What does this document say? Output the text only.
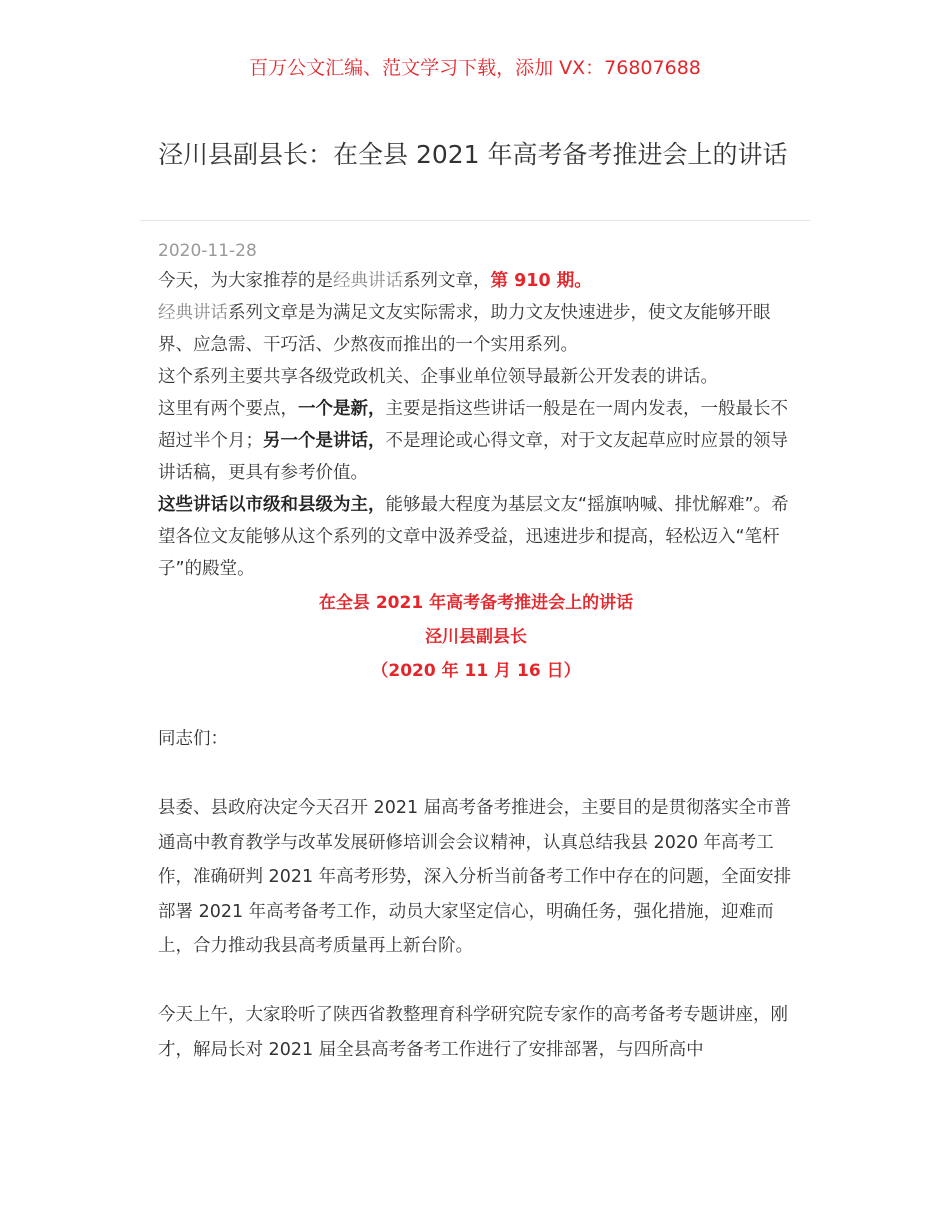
百万公文汇编、范文学习下载，添加 VX：76807688
泾川县副县长：在全县 2021 年高考备考推进会上的讲话
2020-11-28

今天，为大家推荐的是经典讲话系列文章，第 910 期。

经典讲话系列文章是为满足文友实际需求，助力文友快速进步，使文友能够开眼界、应急需、干巧活、少熬夜而推出的一个实用系列。

这个系列主要共享各级党政机关、企事业单位领导最新公开发表的讲话。

这里有两个要点，一个是新，主要是指这些讲话一般是在一周内发表，一般最长不超过半个月；另一个是讲话，不是理论或心得文章，对于文友起草应时应景的领导讲话稿，更具有参考价值。

这些讲话以市级和县级为主，能够最大程度为基层文友“摇旗呐喊、排忧解难”。希望各位文友能够从这个系列的文章中汲养受益，迅速进步和提高，轻松迈入“笔杆子”的殿堂。

在全县 2021 年高考备考推进会上的讲话
泾川县副县长
（2020 年 11 月 16 日）

同志们：

县委、县政府决定今天召开 2021 届高考备考推进会，主要目的是贯彻落实全市普通高中教育教学与改革发展研修培训会会议精神，认真总结我县 2020 年高考工作，准确研判 2021 年高考形势，深入分析当前备考工作中存在的问题，全面安排部署 2021 年高考备考工作，动员大家坚定信心，明确任务，强化措施，迎难而上，合力推动我县高考质量再上新台阶。

今天上午，大家聆听了陕西省教整理育科学研究院专家作的高考备考专题讲座，刚才，解局长对 2021 届全县高考备考工作进行了安排部署，与四所高中
